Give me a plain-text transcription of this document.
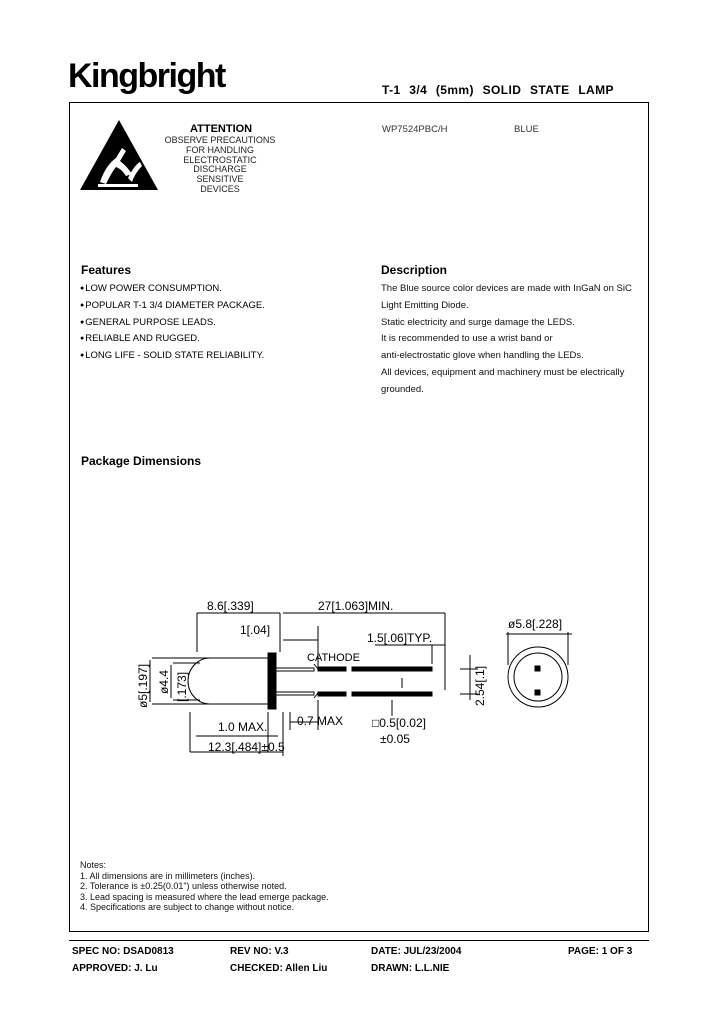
Kingbright	T-1 3/4 (5mm) SOLID STATE LAMP
ATTENTION
OBSERVE PRECAUTIONS
FOR HANDLING
ELECTROSTATIC
DISCHARGE
SENSITIVE
DEVICES
WP7524PBC/H	BLUE
Features
● LOW POWER CONSUMPTION.
● POPULAR T-1 3/4 DIAMETER PACKAGE.
● GENERAL PURPOSE LEADS.
● RELIABLE AND RUGGED.
● LONG LIFE - SOLID STATE RELIABILITY.
Description
The Blue source color devices are made with InGaN on SiC
Light Emitting Diode.
Static electricity and surge damage the LEDS.
It is recommended to use a wrist band or
anti-electrostatic glove when handling the LEDs.
All devices, equipment and machinery must be electrically
grounded.
Package Dimensions
8.6[.339]	27[1.063]MIN.
1[.04]
1.5[.06]TYP.
CATHODE
1.0 MAX. 0.7 MAX □0.5[0.02]
±0.05
12.3[.484]±0.5
ø5.8[.228]
ø5[.197] ø4.4 [.173]	2.54[.1]
Notes:
1. All dimensions are in millimeters (inches).
2. Tolerance is ±0.25(0.01") unless otherwise noted.
3. Lead spacing is measured where the lead emerge package.
4. Specifications are subject to change without notice.
SPEC NO: DSAD0813	REV NO: V.3	DATE: JUL/23/2004	PAGE: 1 OF 3
APPROVED: J. Lu	CHECKED: Allen Liu	DRAWN: L.L.NIE
